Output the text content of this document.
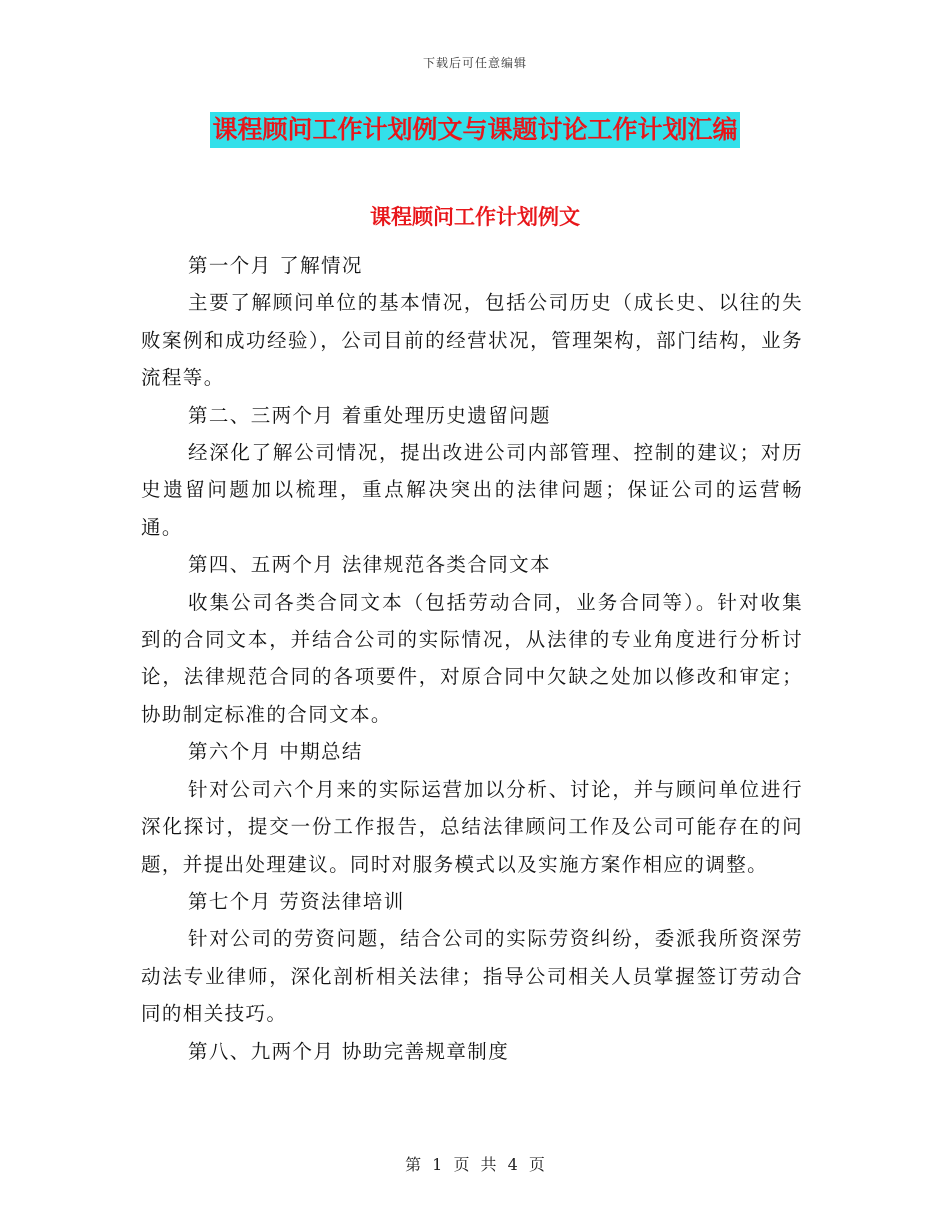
下载后可任意编辑
课程顾问工作计划例文与课题讨论工作计划汇编
课程顾问工作计划例文

第一个月 了解情况

主要了解顾问单位的基本情况，包括公司历史（成长史、以往的失败案例和成功经验），公司目前的经营状况，管理架构，部门结构，业务流程等。

第二、三两个月 着重处理历史遗留问题

经深化了解公司情况，提出改进公司内部管理、控制的建议；对历史遗留问题加以梳理，重点解决突出的法律问题；保证公司的运营畅通。

第四、五两个月 法律规范各类合同文本

收集公司各类合同文本（包括劳动合同，业务合同等）。针对收集到的合同文本，并结合公司的实际情况，从法律的专业角度进行分析讨论，法律规范合同的各项要件，对原合同中欠缺之处加以修改和审定；协助制定标准的合同文本。

第六个月 中期总结

针对公司六个月来的实际运营加以分析、讨论，并与顾问单位进行深化探讨，提交一份工作报告，总结法律顾问工作及公司可能存在的问题，并提出处理建议。同时对服务模式以及实施方案作相应的调整。

第七个月 劳资法律培训

针对公司的劳资问题，结合公司的实际劳资纠纷，委派我所资深劳动法专业律师，深化剖析相关法律；指导公司相关人员掌握签订劳动合同的相关技巧。

第八、九两个月 协助完善规章制度

第 1 页 共 4 页
